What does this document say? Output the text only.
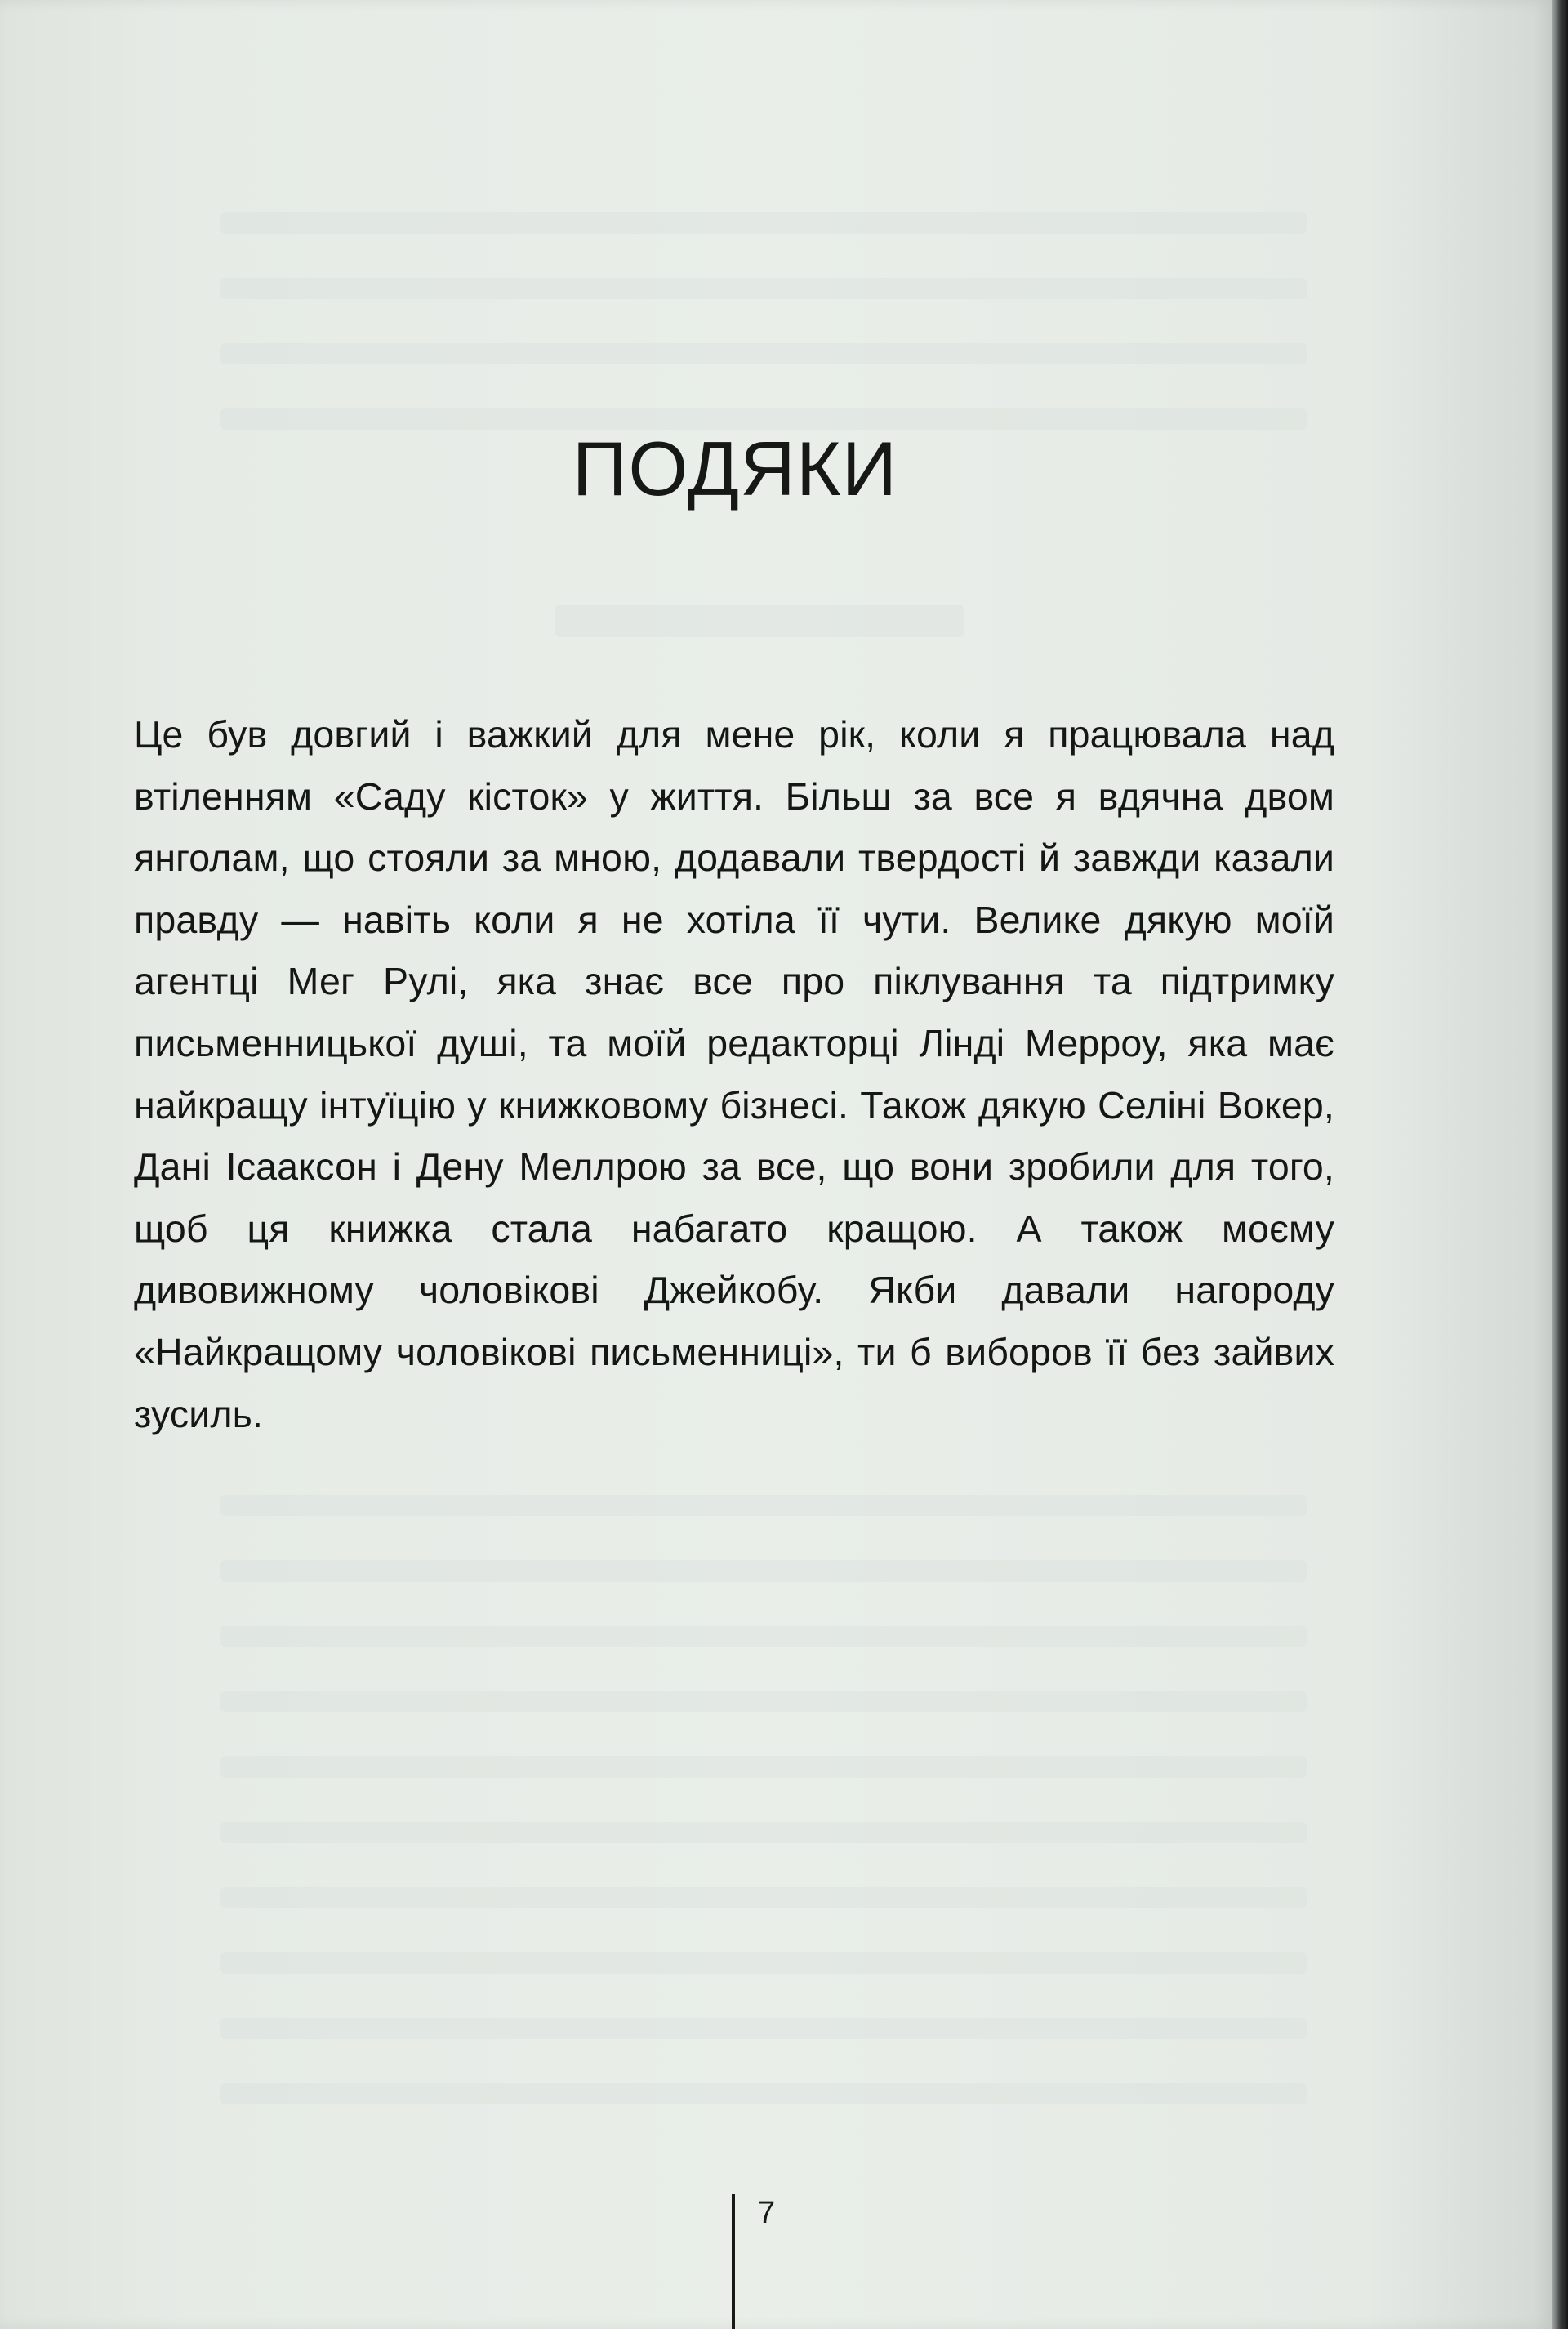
ПОДЯКИ

Це був довгий і важкий для мене рік, коли я працювала над втіленням «Саду кісток» у життя. Більш за все я вдячна двом янголам, що стояли за мною, додавали твердості й завжди казали правду — навіть коли я не хотіла її чути. Велике дякую моїй агентці Мег Рулі, яка знає все про піклування та підтримку письменницької душі, та моїй редакторці Лінді Мерроу, яка має найкращу інтуїцію у книжковому бізнесі. Також дякую Селіні Вокер, Дані Ісааксон і Дену Меллрою за все, що вони зробили для того, щоб ця книжка стала набагато кращою. А також моєму дивовижному чоловікові Джейкобу. Якби давали нагороду «Найкращому чоловікові письменниці», ти б виборов її без зайвих зусиль.

7
